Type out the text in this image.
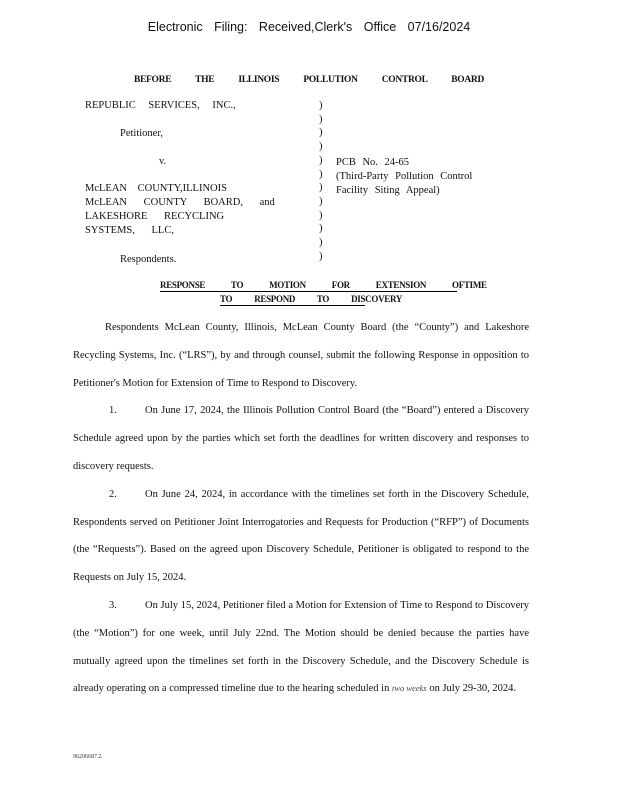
Electronic Filing: Received,Clerk's Office 07/16/2024
BEFORE THE ILLINOIS POLLUTION CONTROL BOARD
REPUBLIC SERVICES, INC.,
Petitioner,
v.
McLEAN COUNTY,ILLINOIS
McLEAN COUNTY BOARD, and
LAKESHORE RECYCLING
SYSTEMS, LLC,
Respondents.
)
)
)
)
)
)
)
)
)
)
)
)
PCB No. 24-65
(Third-Party Pollution Control
Facility Siting Appeal)
RESPONSE TO MOTION FOR EXTENSION OFTIME
TO RESPOND TO DISCOVERY

Respondents McLean County, Illinois, McLean County Board (the “County”) and Lakeshore Recycling Systems, Inc. (“LRS”), by and through counsel, submit the following Response in opposition to Petitioner's Motion for Extension of Time to Respond to Discovery.

1.	On June 17, 2024, the Illinois Pollution Control Board (the “Board”) entered a Discovery Schedule agreed upon by the parties which set forth the deadlines for written discovery and responses to discovery requests.

2.	On June 24, 2024, in accordance with the timelines set forth in the Discovery Schedule, Respondents served on Petitioner Joint Interrogatories and Requests for Production (“RFP”) of Documents (the “Requests”). Based on the agreed upon Discovery Schedule, Petitioner is obligated to respond to the Requests on July 15, 2024.

3.	On July 15, 2024, Petitioner filed a Motion for Extension of Time to Respond to Discovery (the “Motion”) for one week, until July 22nd. The Motion should be denied because the parties have mutually agreed upon the timelines set forth in the Discovery Schedule, and the Discovery Schedule is already operating on a compressed timeline due to the hearing scheduled in two weeks on July 29-30, 2024.

96206687.2
